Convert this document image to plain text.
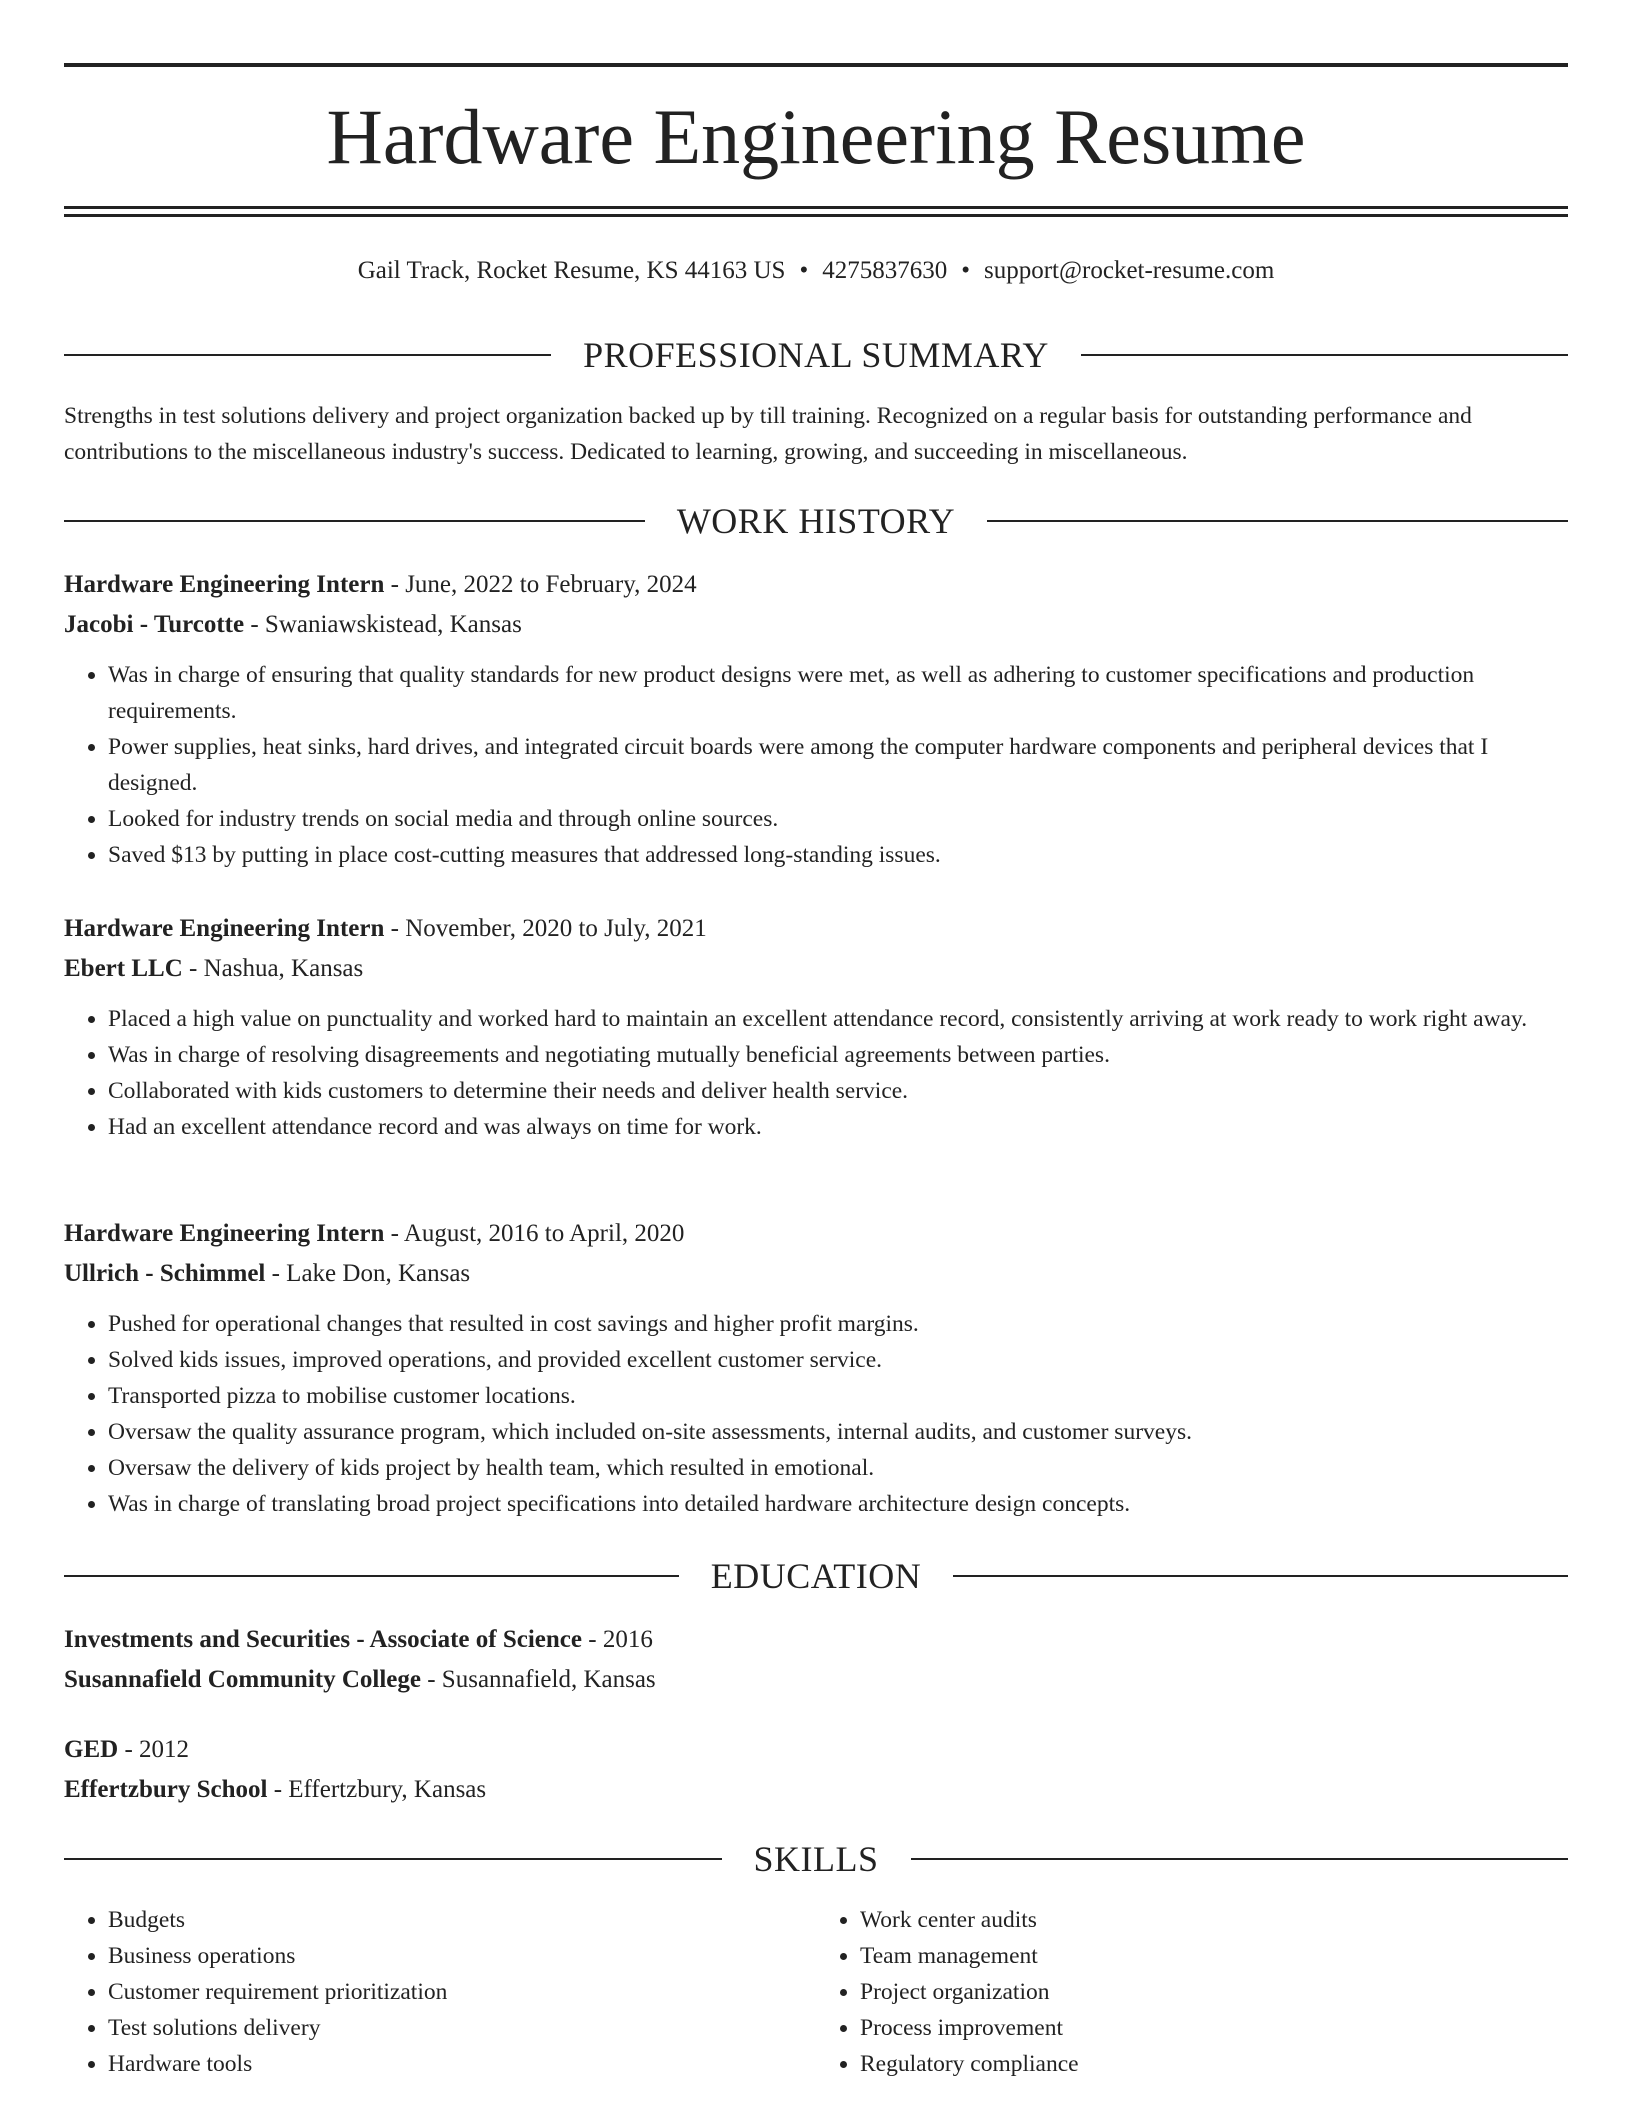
Hardware Engineering Resume
Gail Track, Rocket Resume, KS 44163 US • 4275837630 • support@rocket-resume.com
PROFESSIONAL SUMMARY

Strengths in test solutions delivery and project organization backed up by till training. Recognized on a regular basis for outstanding performance and contributions to the miscellaneous industry's success. Dedicated to learning, growing, and succeeding in miscellaneous.

WORK HISTORY
Hardware Engineering Intern - June, 2022 to February, 2024
Jacobi - Turcotte - Swaniawskistead, Kansas
• Was in charge of ensuring that quality standards for new product designs were met, as well as adhering to customer specifications and production requirements.
• Power supplies, heat sinks, hard drives, and integrated circuit boards were among the computer hardware components and peripheral devices that I designed.
• Looked for industry trends on social media and through online sources.
• Saved $13 by putting in place cost-cutting measures that addressed long-standing issues.
Hardware Engineering Intern - November, 2020 to July, 2021
Ebert LLC - Nashua, Kansas
• Placed a high value on punctuality and worked hard to maintain an excellent attendance record, consistently arriving at work ready to work right away.
• Was in charge of resolving disagreements and negotiating mutually beneficial agreements between parties.
• Collaborated with kids customers to determine their needs and deliver health service.
• Had an excellent attendance record and was always on time for work.
Hardware Engineering Intern - August, 2016 to April, 2020
Ullrich - Schimmel - Lake Don, Kansas
• Pushed for operational changes that resulted in cost savings and higher profit margins.
• Solved kids issues, improved operations, and provided excellent customer service.
• Transported pizza to mobilise customer locations.
• Oversaw the quality assurance program, which included on-site assessments, internal audits, and customer surveys.
• Oversaw the delivery of kids project by health team, which resulted in emotional.
• Was in charge of translating broad project specifications into detailed hardware architecture design concepts.
EDUCATION
Investments and Securities - Associate of Science - 2016
Susannafield Community College - Susannafield, Kansas
GED - 2012
Effertzbury School - Effertzbury, Kansas
SKILLS
• Budgets
• Business operations
• Customer requirement prioritization
• Test solutions delivery
• Hardware tools
• Work center audits
• Team management
• Project organization
• Process improvement
• Regulatory compliance
